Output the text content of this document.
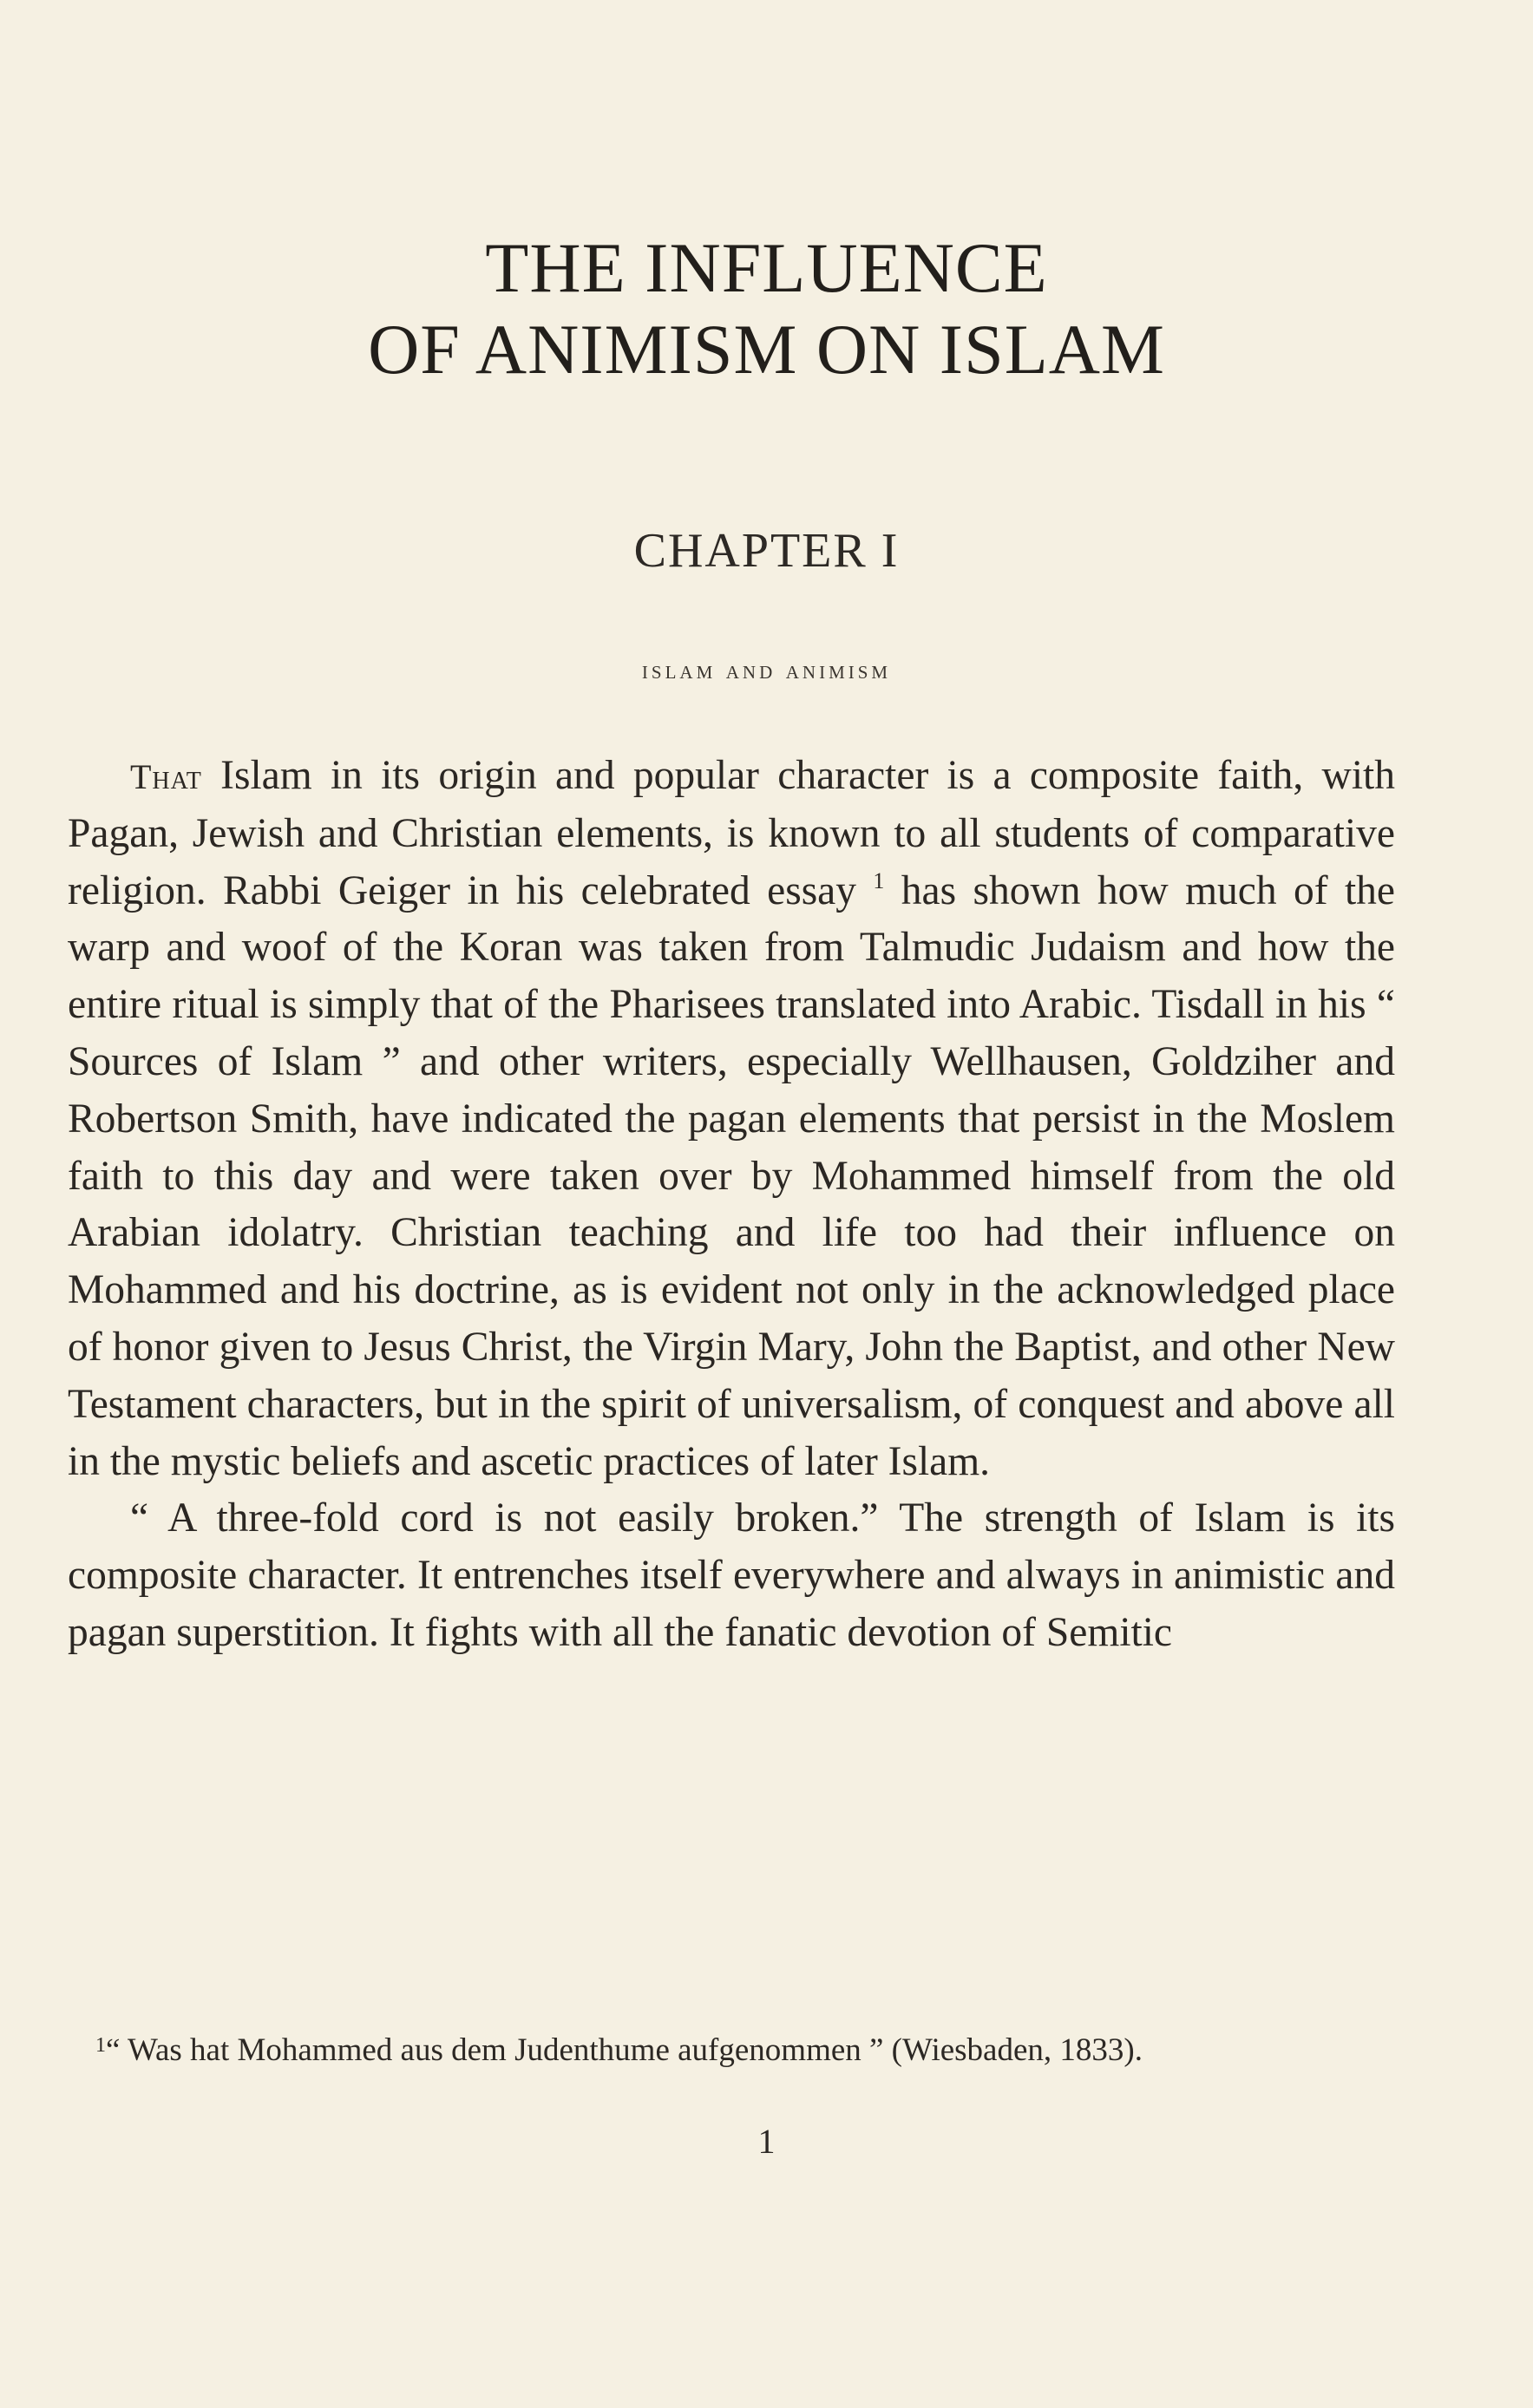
THE INFLUENCE
OF ANIMISM ON ISLAM
CHAPTER I
islam and animism

That Islam in its origin and popular character is a composite faith, with Pagan, Jewish and Christian elements, is known to all students of comparative religion. Rabbi Geiger in his celebrated essay $^1$ has shown how much of the warp and woof of the Koran was taken from Talmudic Judaism and how the entire ritual is simply that of the Pharisees translated into Arabic. Tisdall in his “ Sources of Islam ” and other writers, especially Wellhausen, Goldziher and Robertson Smith, have indicated the pagan elements that persist in the Moslem faith to this day and were taken over by Mohammed himself from the old Arabian idolatry. Christian teaching and life too had their influence on Mohammed and his doctrine, as is evident not only in the acknowledged place of honor given to Jesus Christ, the Virgin Mary, John the Baptist, and other New Testament characters, but in the spirit of universalism, of conquest and above all in the mystic beliefs and ascetic practices of later Islam.

“ A three-fold cord is not easily broken.” The strength of Islam is its composite character. It entrenches itself everywhere and always in animistic and pagan superstition. It fights with all the fanatic devotion of Semitic

$^1$“ Was hat Mohammed aus dem Judenthume aufgenommen ” (Wiesbaden, 1833).

1
